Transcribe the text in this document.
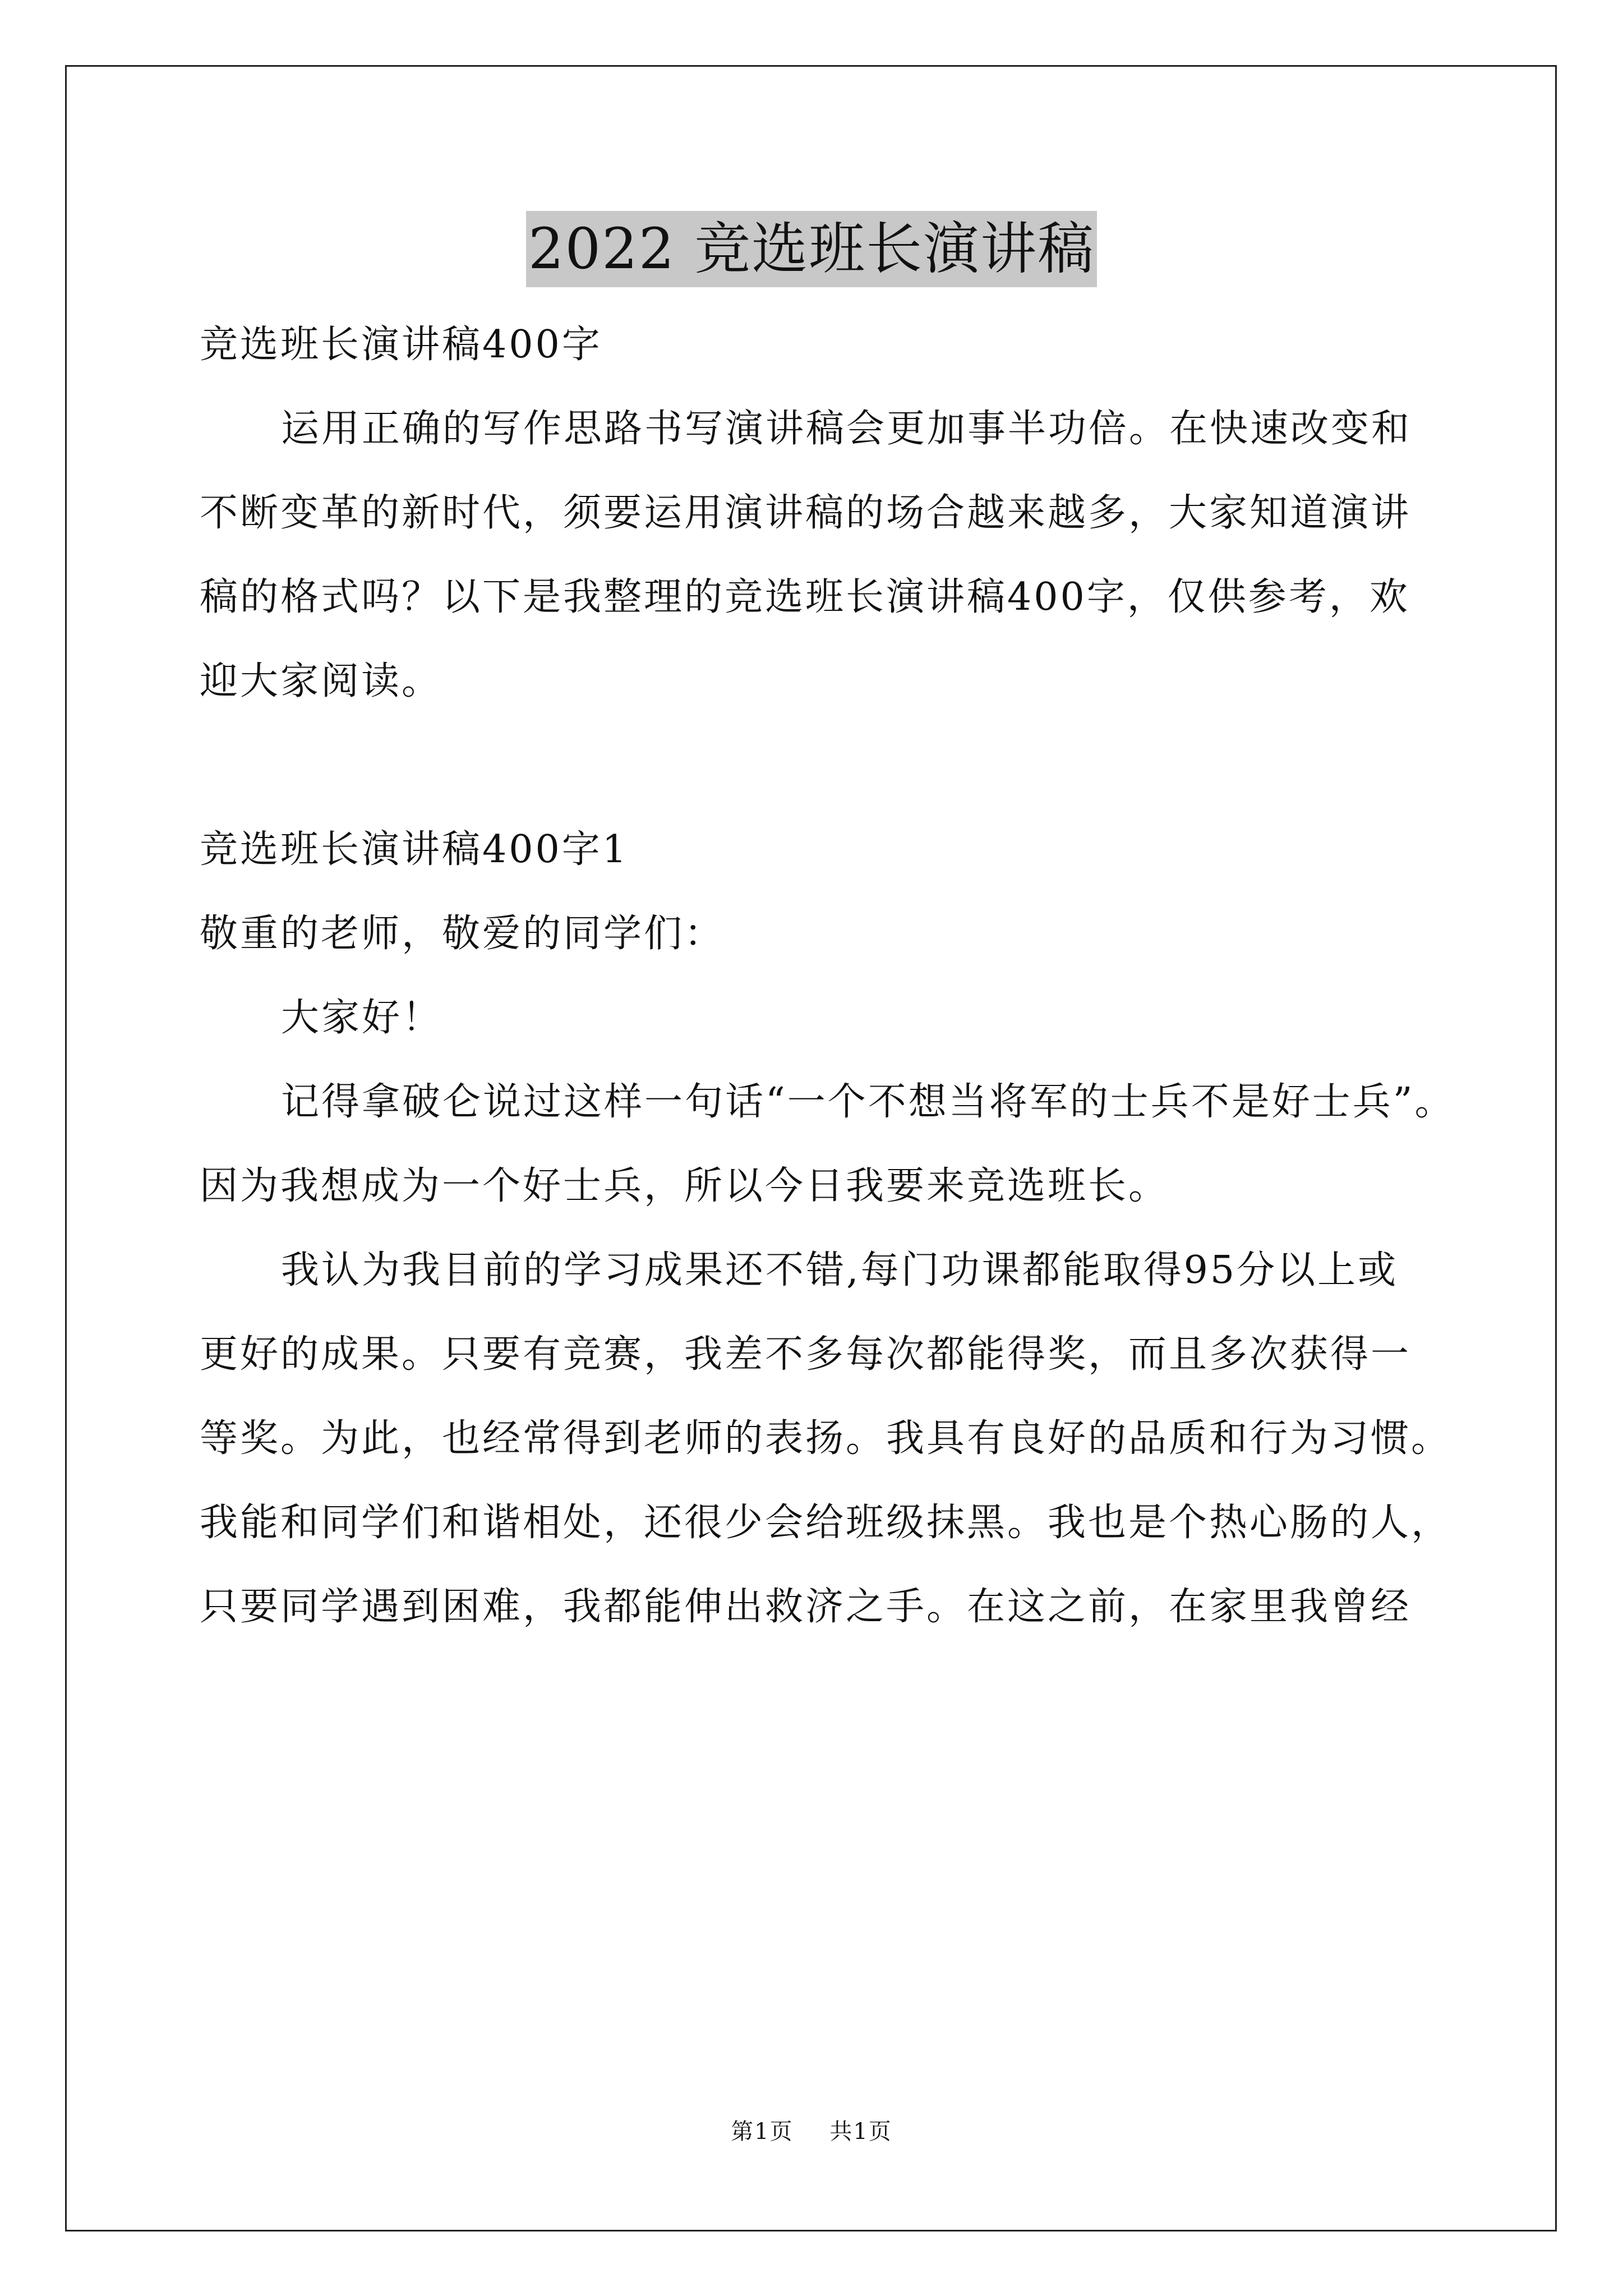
2022 竞选班长演讲稿
竞选班长演讲稿400字
运用正确的写作思路书写演讲稿会更加事半功倍。在快速改变和
不断变革的新时代，须要运用演讲稿的场合越来越多，大家知道演讲
稿的格式吗？以下是我整理的竞选班长演讲稿400字，仅供参考，欢
迎大家阅读。
竞选班长演讲稿400字1
敬重的老师，敬爱的同学们：
大家好！
记得拿破仑说过这样一句话“一个不想当将军的士兵不是好士兵”。
因为我想成为一个好士兵，所以今日我要来竞选班长。
我认为我目前的学习成果还不错,每门功课都能取得95分以上或
更好的成果。只要有竞赛，我差不多每次都能得奖，而且多次获得一
等奖。为此，也经常得到老师的表扬。我具有良好的品质和行为习惯。
我能和同学们和谐相处，还很少会给班级抹黑。我也是个热心肠的人，
只要同学遇到困难，我都能伸出救济之手。在这之前，在家里我曾经
第1页 共1页
